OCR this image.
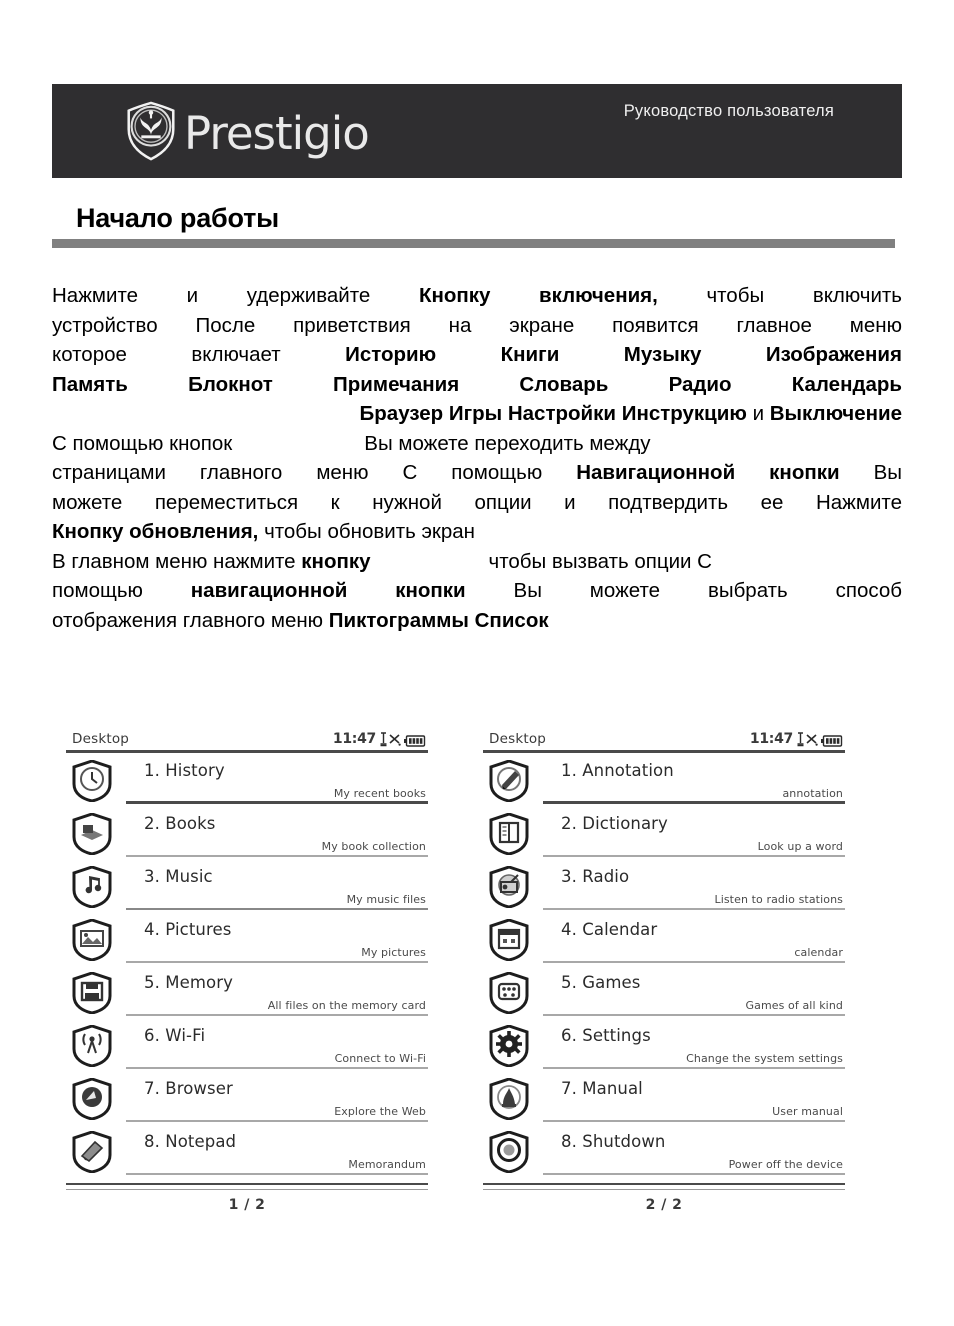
Prestigio	Руководство пользователя
Начало работы

Нажмите и удерживайте Кнопку включения, чтобы включить

устройство После приветствия на экране появится главное меню

которое включает Историю Книги Музыку Изображения

Память Блокнот Примечания Словарь Радио Календарь

Браузер Игры Настройки Инструкцию и Выключение

С помощью кнопок	Вы можете переходить между

страницами главного меню С помощью Навигационной кнопки Вы

можете переместиться к нужной опции и подтвердить ее Нажмите

Кнопку обновления, чтобы обновить экран

В главном меню нажмите кнопку	чтобы вызвать опции С

помощью навигационной кнопки Вы можете выбрать способ

отображения главного меню Пиктограммы Список

Desktop	11:47
1. History
My recent books
2. Books
My book collection
3. Music
My music files
4. Pictures
My pictures
5. Memory
All files on the memory card
6. Wi-Fi
Connect to Wi-Fi
7. Browser
Explore the Web
8. Notepad
Memorandum
1 / 2
Desktop	11:47
1. Annotation
annotation
2. Dictionary
Look up a word
3. Radio
Listen to radio stations
4. Calendar
calendar
5. Games
Games of all kind
6. Settings
Change the system settings
7. Manual
User manual
8. Shutdown
Power off the device
2 / 2
